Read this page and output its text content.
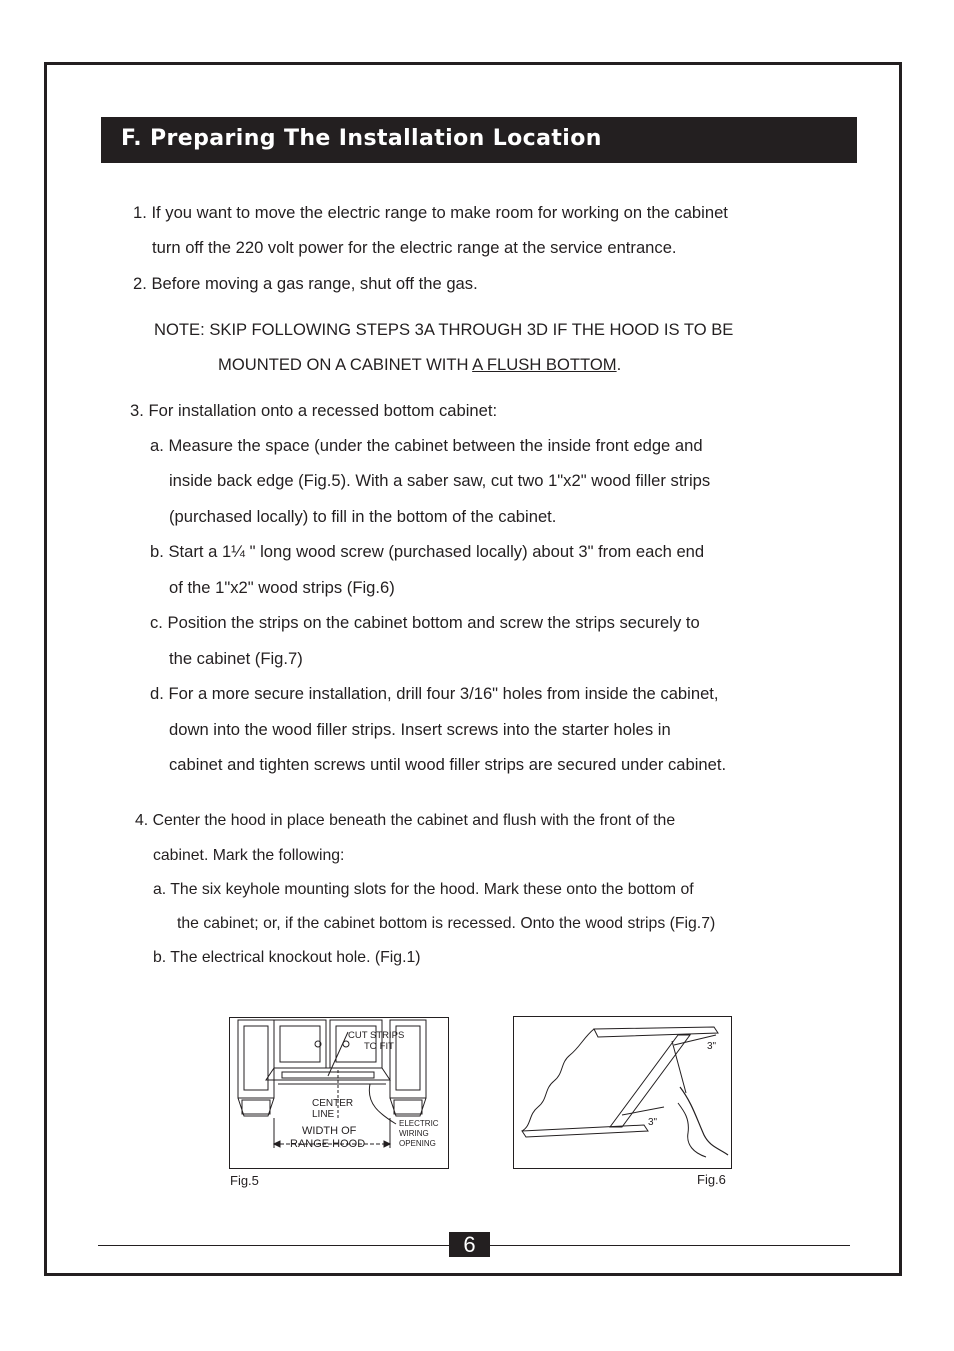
F. Preparing The Installation Location
1. If you want to move the electric range to make room for working on the cabinet
turn off the 220 volt power for the electric range at the service entrance.
2. Before moving a gas range, shut off the gas.
NOTE: SKIP FOLLOWING STEPS 3A THROUGH 3D IF THE HOOD IS TO BE
MOUNTED ON A CABINET WITH A FLUSH BOTTOM.
3. For installation onto a recessed bottom cabinet:
a. Measure the space (under the cabinet between the inside front edge and
inside back edge (Fig.5). With a saber saw, cut two 1"x2" wood filler strips
(purchased locally) to fill in the bottom of the cabinet.
b. Start a 1¼ " long wood screw (purchased locally) about 3" from each end
of the 1"x2" wood strips (Fig.6)
c. Position the strips on the cabinet bottom and screw the strips securely to
the cabinet (Fig.7)
d. For a more secure installation, drill four 3/16" holes from inside the cabinet,
down into the wood filler strips. Insert screws into the starter holes in
cabinet and tighten screws until wood filler strips are secured under cabinet.
4. Center the hood in place beneath the cabinet and flush with the front of the
cabinet. Mark the following:
a. The six keyhole mounting slots for the hood. Mark these onto the bottom of
the cabinet; or, if the cabinet bottom is recessed. Onto the wood strips (Fig.7)
b. The electrical knockout hole. (Fig.1)
CUT STRIPS
TO FIT
CENTER
LINE
WIDTH OF
RANGE HOOD
ELECTRIC
WIRING
OPENING
Fig.5
3"
3"
Fig.6
6
